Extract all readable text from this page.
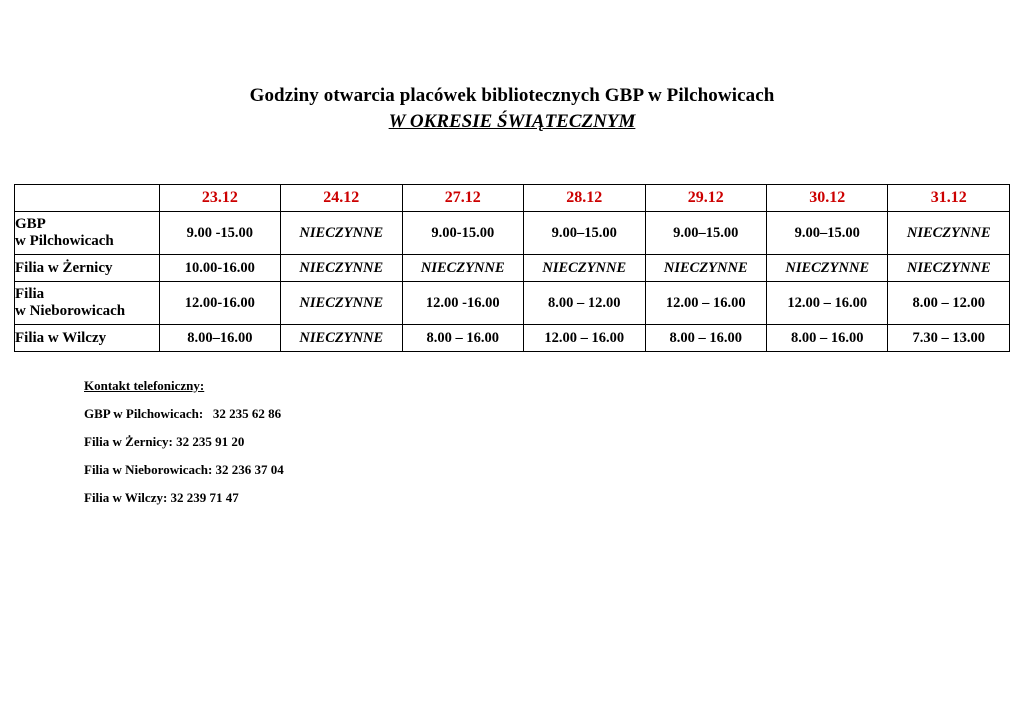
Godziny otwarcia placówek bibliotecznych GBP w Pilchowicach
W OKRESIE ŚWIĄTECZNYM
	23.12	24.12	27.12	28.12	29.12	30.12	31.12

GBP
w Pilchowicach	9.00 -15.00	NIECZYNNE	9.00-15.00	9.00–15.00	9.00–15.00	9.00–15.00	NIECZYNNE

Filia w Żernicy	10.00-16.00	NIECZYNNE	NIECZYNNE	NIECZYNNE	NIECZYNNE	NIECZYNNE	NIECZYNNE

Filia
w Nieborowicach	12.00-16.00	NIECZYNNE	12.00 -16.00	8.00 – 12.00	12.00 – 16.00	12.00 – 16.00	8.00 – 12.00

Filia w Wilczy	8.00–16.00	NIECZYNNE	8.00 – 16.00	12.00 – 16.00	8.00 – 16.00	8.00 – 16.00	7.30 – 13.00
Kontakt telefoniczny:
GBP w Pilchowicach:   32 235 62 86
Filia w Żernicy: 32 235 91 20
Filia w Nieborowicach: 32 236 37 04
Filia w Wilczy: 32 239 71 47
